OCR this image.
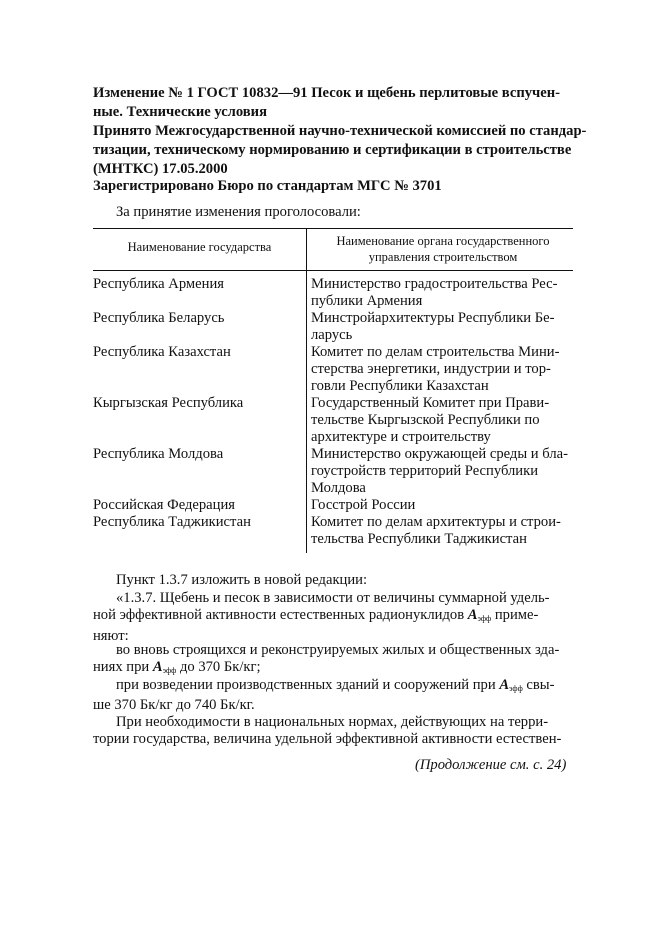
Изменение № 1 ГОСТ 10832—91 Песок и щебень перлитовые вспучен-
ные. Технические условия
Принято Межгосударственной научно-технической комиссией по стандар-
тизации, техническому нормированию и сертификации в строительстве
(МНТКС) 17.05.2000
Зарегистрировано Бюро по стандартам МГС № 3701
За принятие изменения проголосовали:
Наименование государства	Наименование органа государственного
управления строительством
Республика Армения	Министерство градостроительства Рес-
публики Армения
Республика Беларусь	Минстройархитектуры Республики Бе-
ларусь
Республика Казахстан	Комитет по делам строительства Мини-
стерства энергетики, индустрии и тор-
говли Республики Казахстан
Кыргызская Республика	Государственный Комитет при Прави-
тельстве Кыргызской Республики по
архитектуре и строительству
Республика Молдова	Министерство окружающей среды и бла-
гоустройств территорий Республики
Молдова
Российская Федерация	Госстрой России
Республика Таджикистан	Комитет по делам архитектуры и строи-
тельства Республики Таджикистан
Пункт 1.3.7 изложить в новой редакции:
«1.3.7. Щебень и песок в зависимости от величины суммарной удель-
ной эффективной активности естественных радионуклидов $А_{эфф}$ приме-
няют:
во вновь строящихся и реконструируемых жилых и общественных зда-
ниях при $А_{эфф}$ до 370 Бк/кг;
при возведении производственных зданий и сооружений при $А_{эфф}$ свы-
ше 370 Бк/кг до 740 Бк/кг.
При необходимости в национальных нормах, действующих на терри-
тории государства, величина удельной эффективной активности естествен-
(Продолжение см. с. 24)
